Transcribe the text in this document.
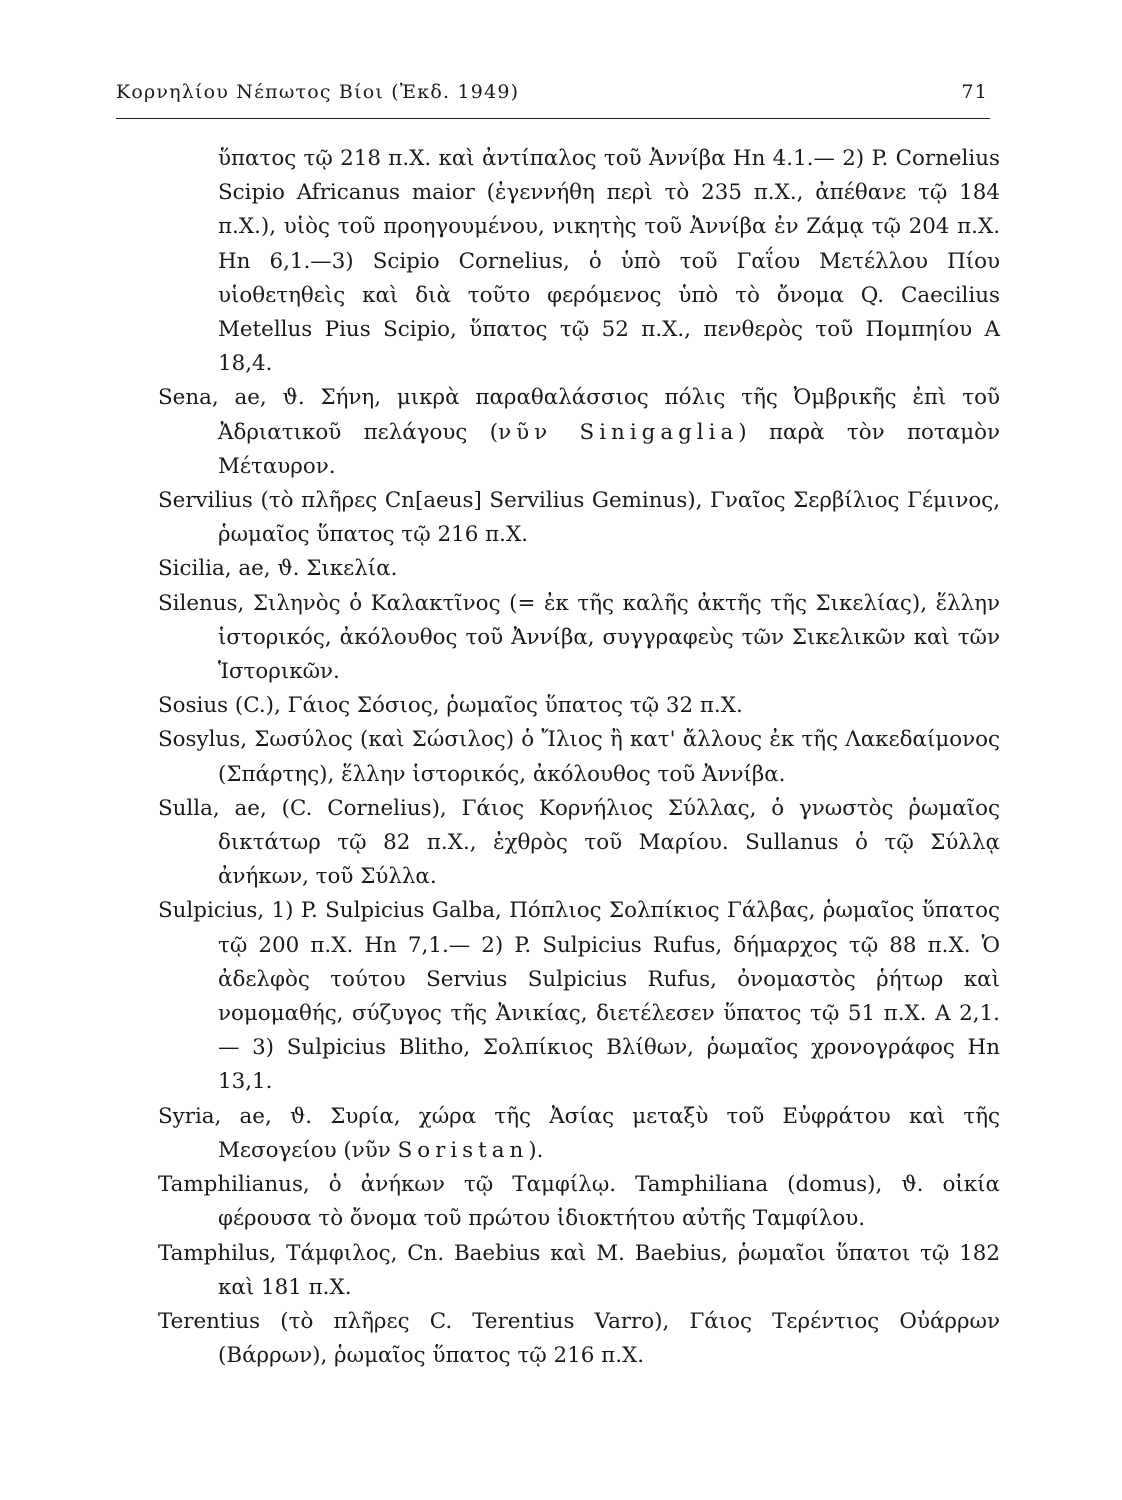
Κορνηλίου Νέπωτος Βίοι (Ἐκδ. 1949)	71
ὕπατος τῷ 218 π.Χ. καὶ ἀντίπαλος τοῦ Ἀννίβα Hn 4.1.— 2) P. Cornelius Scipio Africanus maior (ἐγεννήθη περὶ τὸ 235 π.Χ., ἀπέθανε τῷ 184 π.Χ.), υἱὸς τοῦ προηγουμένου, νικητὴς τοῦ Ἀννίβα ἐν Ζάμᾳ τῷ 204 π.Χ. Hn 6,1.—3) Scipio Cornelius, ὁ ὑπὸ τοῦ Γαΐου Μετέλλου Πίου υἱοθετηθεὶς καὶ διὰ τοῦτο φερόμενος ὑπὸ τὸ ὄνομα Q. Caecilius Metellus Pius Scipio, ὕπατος τῷ 52 π.Χ., πενθερὸς τοῦ Πομπηίου A 18,4.
Sena, ae, ϑ. Σήνη, μικρὰ παραθαλάσσιος πόλις τῆς Ὀμβρικῆς ἐπὶ τοῦ Ἀδριατικοῦ πελάγους (νῦν Sinigaglia) παρὰ τὸν ποταμὸν Μέταυρον.
Servilius (τὸ πλῆρες Cn[aeus] Servilius Geminus), Γναῖος Σερβίλιος Γέμινος, ῥωμαῖος ὕπατος τῷ 216 π.Χ.
Sicilia, ae, ϑ. Σικελία.
Silenus, Σιληνὸς ὁ Καλακτῖνος (= ἐκ τῆς καλῆς ἀκτῆς τῆς Σικελίας), ἕλλην ἱστορικός, ἀκόλουθος τοῦ Ἀννίβα, συγγραφεὺς τῶν Σικελικῶν καὶ τῶν Ἱστορικῶν.
Sosius (C.), Γάιος Σόσιος, ῥωμαῖος ὕπατος τῷ 32 π.Χ.
Sosylus, Σωσύλος (καὶ Σώσιλος) ὁ Ἴλιος ἢ κατ' ἄλλους ἐκ τῆς Λακεδαίμονος (Σπάρτης), ἕλλην ἱστορικός, ἀκόλουθος τοῦ Ἀννίβα.
Sulla, ae, (C. Cornelius), Γάιος Κορνήλιος Σύλλας, ὁ γνωστὸς ῥωμαῖος δικτάτωρ τῷ 82 π.Χ., ἐχθρὸς τοῦ Μαρίου. Sullanus ὁ τῷ Σύλλᾳ ἀνήκων, τοῦ Σύλλα.
Sulpicius, 1) P. Sulpicius Galba, Πόπλιος Σολπίκιος Γάλβας, ῥωμαῖος ὕπατος τῷ 200 π.Χ. Hn 7,1.— 2) P. Sulpicius Rufus, δήμαρχος τῷ 88 π.Χ. Ὁ ἀδελφὸς τούτου Servius Sulpicius Rufus, ὀνομαστὸς ῥήτωρ καὶ νομομαθής, σύζυγος τῆς Ἀνικίας, διετέλεσεν ὕπατος τῷ 51 π.Χ. A 2,1.— 3) Sulpicius Blitho, Σολπίκιος Βλίθων, ῥωμαῖος χρονογράφος Hn 13,1.
Syria, ae, ϑ. Συρία, χώρα τῆς Ἀσίας μεταξὺ τοῦ Εὐφράτου καὶ τῆς Μεσογείου (νῦν Soristan).
Tamphilianus, ὁ ἀνήκων τῷ Ταμφίλῳ. Tamphiliana (domus), ϑ. οἰκία φέρουσα τὸ ὄνομα τοῦ πρώτου ἰδιοκτήτου αὐτῆς Ταμφίλου.
Tamphilus, Τάμφιλος, Cn. Baebius καὶ M. Baebius, ῥωμαῖοι ὕπατοι τῷ 182 καὶ 181 π.Χ.
Terentius (τὸ πλῆρες C. Terentius Varro), Γάιος Τερέντιος Οὐάρρων (Βάρρων), ῥωμαῖος ὕπατος τῷ 216 π.Χ.
